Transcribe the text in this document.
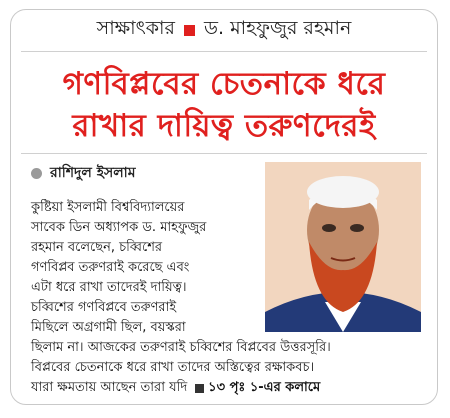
সাক্ষাৎকার ড. মাহফুজুর রহমান
গণবিপ্লবের চেতনাকে ধরে
রাখার দায়িত্ব তরুণদেরই
রাশিদুল ইসলাম
কুষ্টিয়া ইসলামী বিশ্ববিদ্যালয়ের
সাবেক ডিন অধ্যাপক ড. মাহফুজুর
রহমান বলেছেন, চব্বিশের
গণবিপ্লব তরুণরাই করেছে এবং
এটা ধরে রাখা তাদেরই দায়িত্ব।
চব্বিশের গণবিপ্লবে তরুণরাই
মিছিলে অগ্রগামী ছিল, বয়স্করা
ছিলাম না। আজকের তরুণরাই চব্বিশের বিপ্লবের উত্তরসূরি।
বিপ্লবের চেতনাকে ধরে রাখা তাদের অস্তিত্বের রক্ষাকবচ।
যারা ক্ষমতায় আছেন তারা যদি ১৩ পৃঃ ১-এর কলামে
